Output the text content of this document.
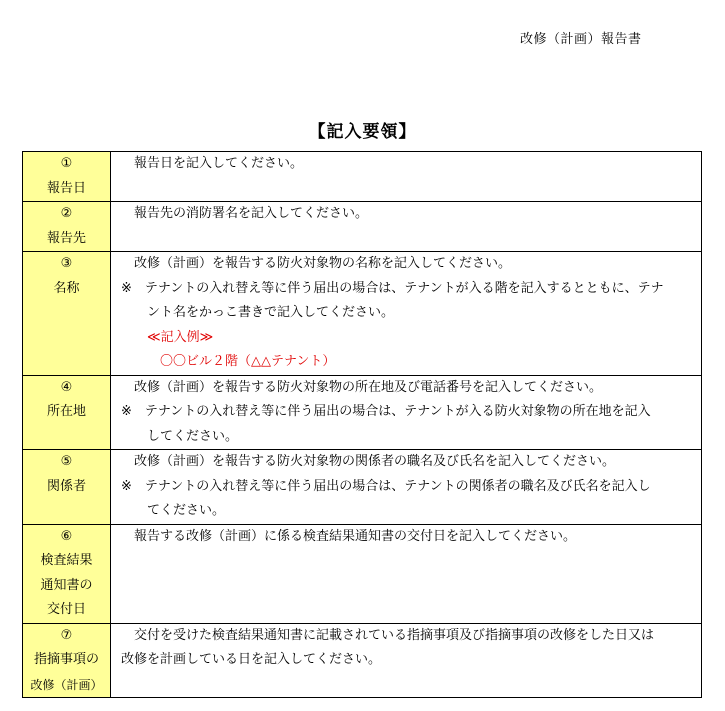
改修（計画）報告書
【記入要領】
①
報告日	　報告日を記入してください。

②
報告先	　報告先の消防署名を記入してください。

③
名称	　改修（計画）を報告する防火対象物の名称を記入してください。
※　テナントの入れ替え等に伴う届出の場合は、テナントが入る階を記入するとともに、テナ
　　ント名をかっこ書きで記入してください。
　　≪記入例≫
　　　〇〇ビル２階（△△テナント）

④
所在地	　改修（計画）を報告する防火対象物の所在地及び電話番号を記入してください。
※　テナントの入れ替え等に伴う届出の場合は、テナントが入る防火対象物の所在地を記入
　　してください。

⑤
関係者	　改修（計画）を報告する防火対象物の関係者の職名及び氏名を記入してください。
※　テナントの入れ替え等に伴う届出の場合は、テナントの関係者の職名及び氏名を記入し
　　てください。

⑥
検査結果
通知書の
交付日	　報告する改修（計画）に係る検査結果通知書の交付日を記入してください。

⑦
指摘事項の
改修（計画）	　交付を受けた検査結果通知書に記載されている指摘事項及び指摘事項の改修をした日又は
改修を計画している日を記入してください。
